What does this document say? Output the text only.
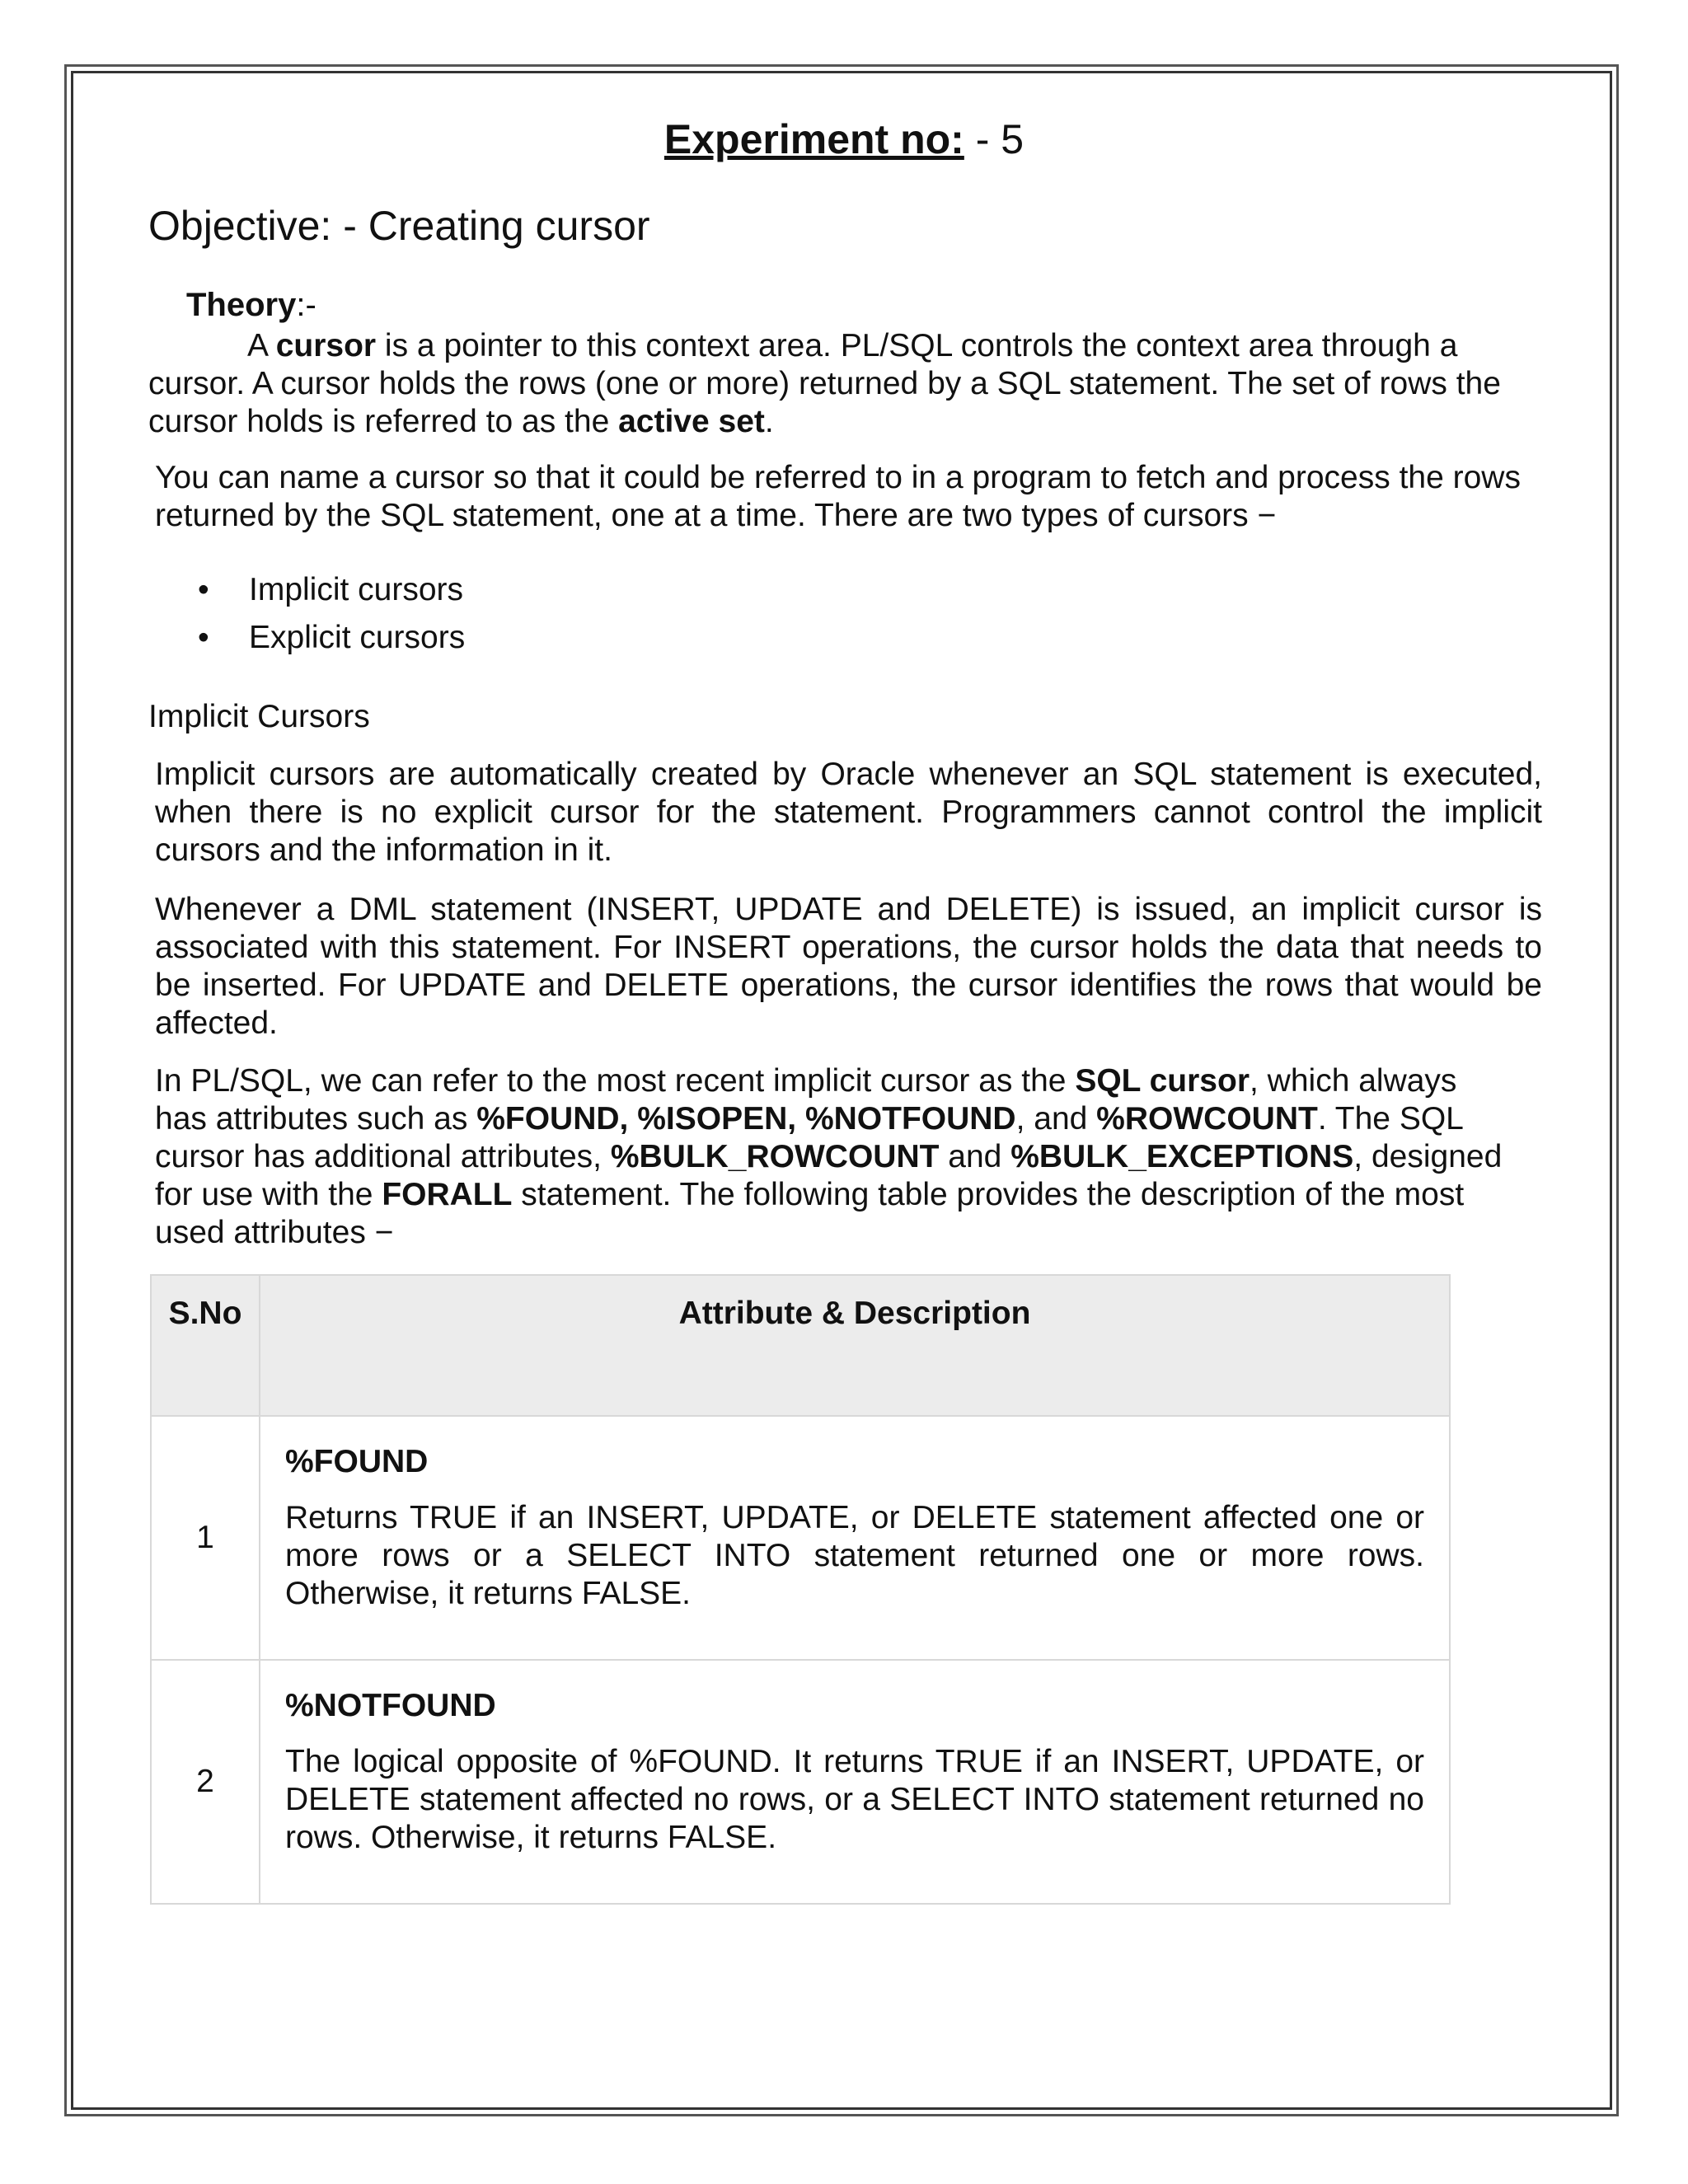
Experiment no: - 5
Objective: - Creating cursor
Theory:-
A cursor is a pointer to this context area. PL/SQL controls the context area through a
cursor. A cursor holds the rows (one or more) returned by a SQL statement. The set of rows the
cursor holds is referred to as the active set.
You can name a cursor so that it could be referred to in a program to fetch and process the rows
returned by the SQL statement, one at a time. There are two types of cursors −
• Implicit cursors
• Explicit cursors
Implicit Cursors
Implicit cursors are automatically created by Oracle whenever an SQL statement is executed,
when there is no explicit cursor for the statement. Programmers cannot control the implicit
cursors and the information in it.
Whenever a DML statement (INSERT, UPDATE and DELETE) is issued, an implicit cursor is
associated with this statement. For INSERT operations, the cursor holds the data that needs to
be inserted. For UPDATE and DELETE operations, the cursor identifies the rows that would be
affected.
In PL/SQL, we can refer to the most recent implicit cursor as the SQL cursor, which always
has attributes such as %FOUND, %ISOPEN, %NOTFOUND, and %ROWCOUNT. The SQL
cursor has additional attributes, %BULK_ROWCOUNT and %BULK_EXCEPTIONS, designed
for use with the FORALL statement. The following table provides the description of the most
used attributes −
S.No	Attribute & Description
1	%FOUND
Returns TRUE if an INSERT, UPDATE, or DELETE statement affected one or more rows or a SELECT INTO statement returned one or more rows. Otherwise, it returns FALSE.

2	%NOTFOUND
The logical opposite of %FOUND. It returns TRUE if an INSERT, UPDATE, or DELETE statement affected no rows, or a SELECT INTO statement returned no rows. Otherwise, it returns FALSE.
